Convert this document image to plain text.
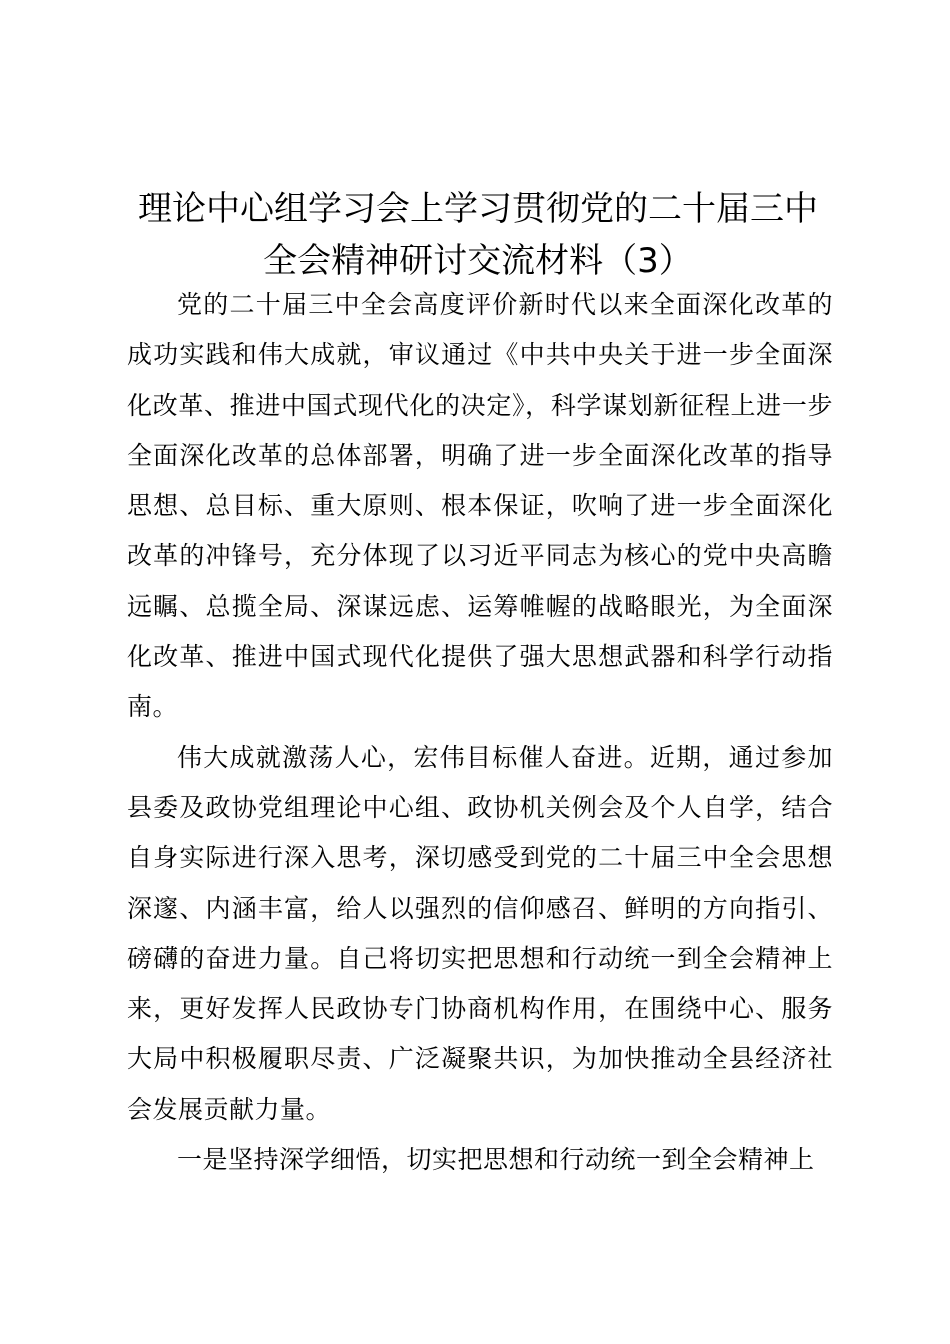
理论中心组学习会上学习贯彻党的二十届三中
全会精神研讨交流材料（3）

党的二十届三中全会高度评价新时代以来全面深化改革的成功实践和伟大成就，审议通过《中共中央关于进一步全面深化改革、推进中国式现代化的决定》，科学谋划新征程上进一步全面深化改革的总体部署，明确了进一步全面深化改革的指导思想、总目标、重大原则、根本保证，吹响了进一步全面深化改革的冲锋号，充分体现了以习近平同志为核心的党中央高瞻远瞩、总揽全局、深谋远虑、运筹帷幄的战略眼光，为全面深化改革、推进中国式现代化提供了强大思想武器和科学行动指南。

伟大成就激荡人心，宏伟目标催人奋进。近期，通过参加县委及政协党组理论中心组、政协机关例会及个人自学，结合自身实际进行深入思考，深切感受到党的二十届三中全会思想深邃、内涵丰富，给人以强烈的信仰感召、鲜明的方向指引、磅礴的奋进力量。自己将切实把思想和行动统一到全会精神上来，更好发挥人民政协专门协商机构作用，在围绕中心、服务大局中积极履职尽责、广泛凝聚共识，为加快推动全县经济社会发展贡献力量。

一是坚持深学细悟，切实把思想和行动统一到全会精神上
